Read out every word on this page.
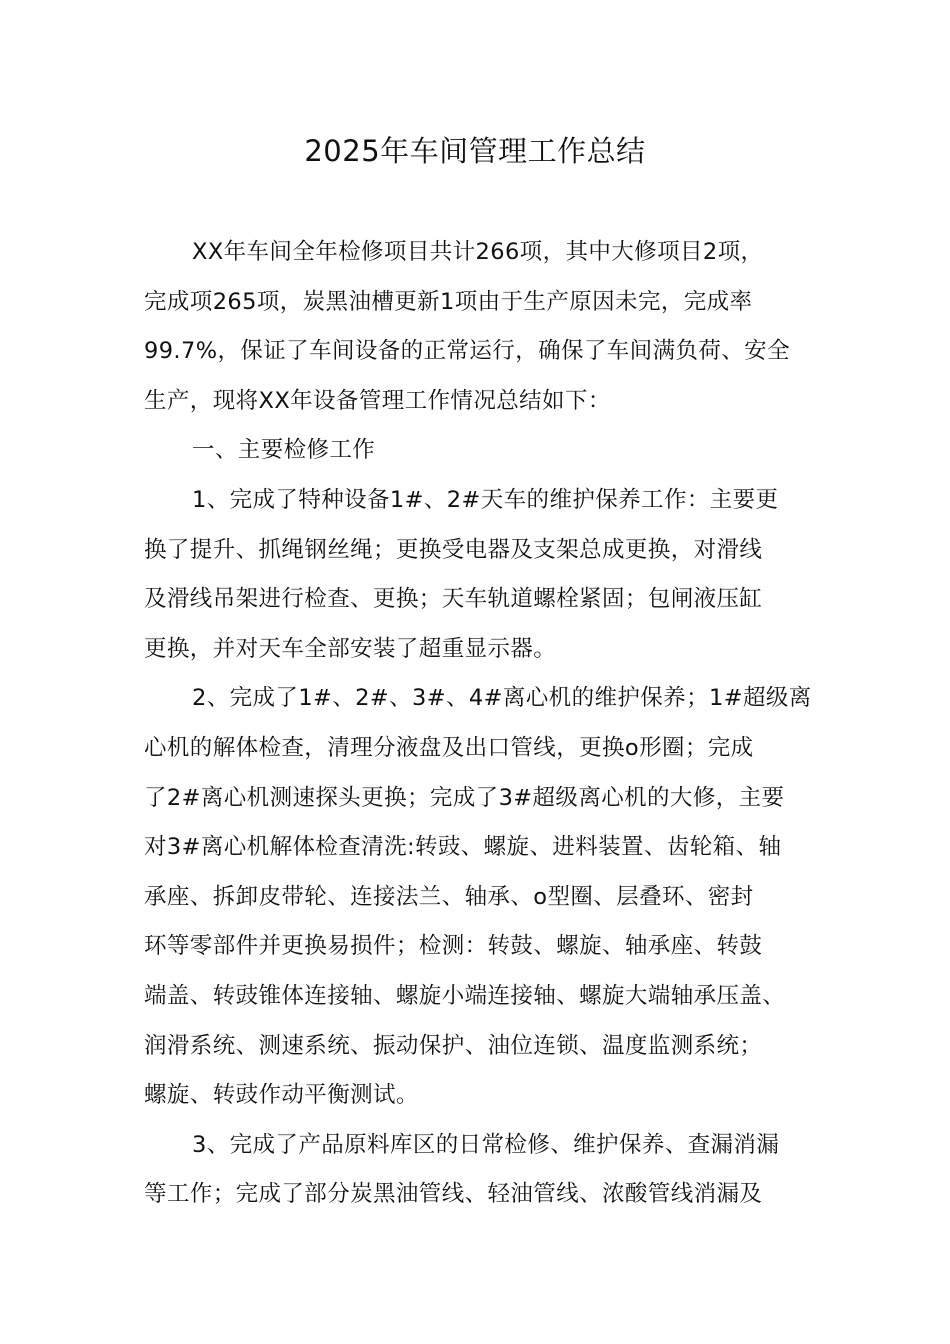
2025年车间管理工作总结
XX年车间全年检修项目共计266项，其中大修项目2项，
完成项265项，炭黑油槽更新1项由于生产原因未完，完成率
99.7%，保证了车间设备的正常运行，确保了车间满负荷、安全
生产，现将XX年设备管理工作情况总结如下：
一、主要检修工作
1、完成了特种设备1#、2#天车的维护保养工作：主要更
换了提升、抓绳钢丝绳；更换受电器及支架总成更换，对滑线
及滑线吊架进行检查、更换；天车轨道螺栓紧固；包闸液压缸
更换，并对天车全部安装了超重显示器。
2、完成了1#、2#、3#、4#离心机的维护保养；1#超级离
心机的解体检查，清理分液盘及出口管线，更换o形圈；完成
了2#离心机测速探头更换；完成了3#超级离心机的大修，主要
对3#离心机解体检查清洗:转豉、螺旋、进料装置、齿轮箱、轴
承座、拆卸皮带轮、连接法兰、轴承、o型圈、层叠环、密封
环等零部件并更换易损件；检测：转鼓、螺旋、轴承座、转鼓
端盖、转豉锥体连接轴、螺旋小端连接轴、螺旋大端轴承压盖、
润滑系统、测速系统、振动保护、油位连锁、温度监测系统；
螺旋、转豉作动平衡测试。
3、完成了产品原料库区的日常检修、维护保养、查漏消漏
等工作；完成了部分炭黑油管线、轻油管线、浓酸管线消漏及
